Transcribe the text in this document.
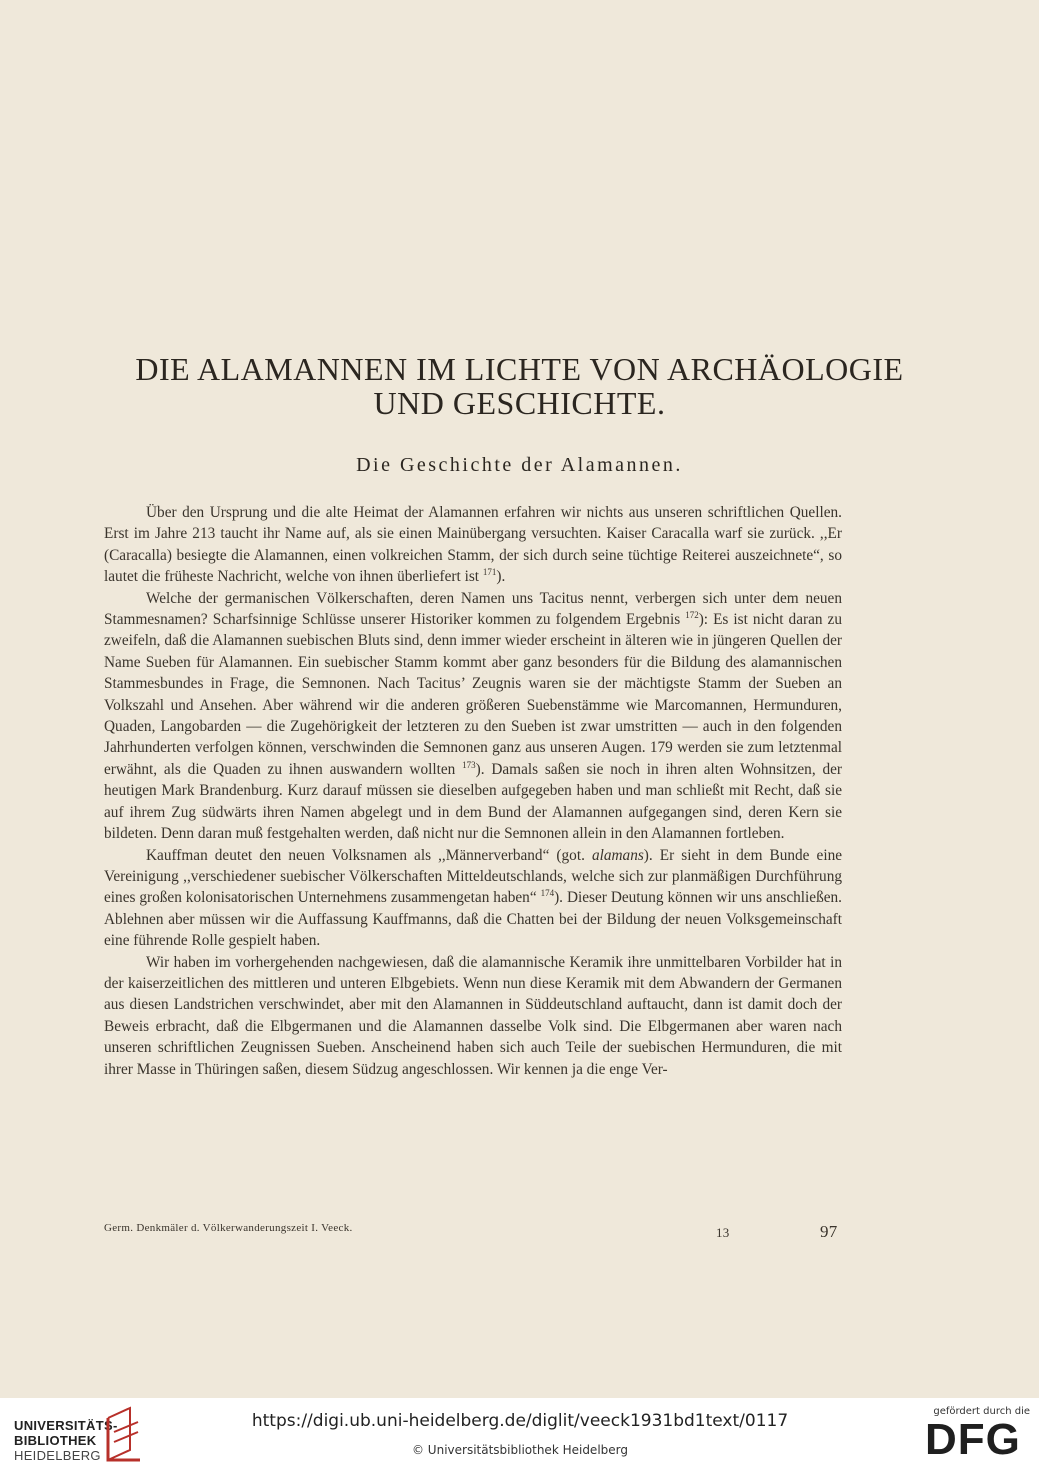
DIE ALAMANNEN IM LICHTE VON ARCHÄOLOGIE
UND GESCHICHTE.
Die Geschichte der Alamannen.

Über den Ursprung und die alte Heimat der Alamannen erfahren wir nichts aus unseren schriftlichen Quellen. Erst im Jahre 213 taucht ihr Name auf, als sie einen Mainübergang versuchten. Kaiser Caracalla warf sie zurück. ,,Er (Caracalla) besiegte die Alamannen, einen volkreichen Stamm, der sich durch seine tüchtige Reiterei auszeichnete“, so lautet die früheste Nachricht, welche von ihnen überliefert ist $^{171}$).

Welche der germanischen Völkerschaften, deren Namen uns Tacitus nennt, verbergen sich unter dem neuen Stammesnamen? Scharfsinnige Schlüsse unserer Historiker kommen zu folgendem Ergebnis $^{172}$): Es ist nicht daran zu zweifeln, daß die Alamannen suebischen Bluts sind, denn immer wieder erscheint in älteren wie in jüngeren Quellen der Name Sueben für Alamannen. Ein suebischer Stamm kommt aber ganz besonders für die Bildung des alamannischen Stammesbundes in Frage, die Semnonen. Nach Tacitus’ Zeugnis waren sie der mächtigste Stamm der Sueben an Volkszahl und Ansehen. Aber während wir die anderen größeren Suebenstämme wie Marcomannen, Hermunduren, Quaden, Langobarden — die Zugehörigkeit der letzteren zu den Sueben ist zwar umstritten — auch in den folgenden Jahrhunderten verfolgen können, verschwinden die Semnonen ganz aus unseren Augen. 179 werden sie zum letztenmal erwähnt, als die Quaden zu ihnen auswandern wollten $^{173}$). Damals saßen sie noch in ihren alten Wohnsitzen, der heutigen Mark Brandenburg. Kurz darauf müssen sie dieselben aufgegeben haben und man schließt mit Recht, daß sie auf ihrem Zug südwärts ihren Namen abgelegt und in dem Bund der Alamannen aufgegangen sind, deren Kern sie bildeten. Denn daran muß festgehalten werden, daß nicht nur die Semnonen allein in den Alamannen fortleben.

Kauffman deutet den neuen Volksnamen als ,,Männerverband“ (got. alamans). Er sieht in dem Bunde eine Vereinigung ,,verschiedener suebischer Völkerschaften Mitteldeutschlands, welche sich zur planmäßigen Durchführung eines großen kolonisatorischen Unternehmens zusammengetan haben“ $^{174}$). Dieser Deutung können wir uns anschließen. Ablehnen aber müssen wir die Auffassung Kauffmanns, daß die Chatten bei der Bildung der neuen Volksgemeinschaft eine führende Rolle gespielt haben.

Wir haben im vorhergehenden nachgewiesen, daß die alamannische Keramik ihre unmittelbaren Vorbilder hat in der kaiserzeitlichen des mittleren und unteren Elbgebiets. Wenn nun diese Keramik mit dem Abwandern der Germanen aus diesen Landstrichen verschwindet, aber mit den Alamannen in Süddeutschland auftaucht, dann ist damit doch der Beweis erbracht, daß die Elbgermanen und die Alamannen dasselbe Volk sind. Die Elbgermanen aber waren nach unseren schriftlichen Zeugnissen Sueben. Anscheinend haben sich auch Teile der suebischen Hermunduren, die mit ihrer Masse in Thüringen saßen, diesem Südzug angeschlossen. Wir kennen ja die enge Ver-

Germ. Denkmäler d. Völkerwanderungszeit I. Veeck.	13	97
UNIVERSITÄTS-
BIBLIOTHEK
HEIDELBERG
https://digi.ub.uni-heidelberg.de/diglit/veeck1931bd1text/0117
© Universitätsbibliothek Heidelberg
gefördert durch die
DFG
